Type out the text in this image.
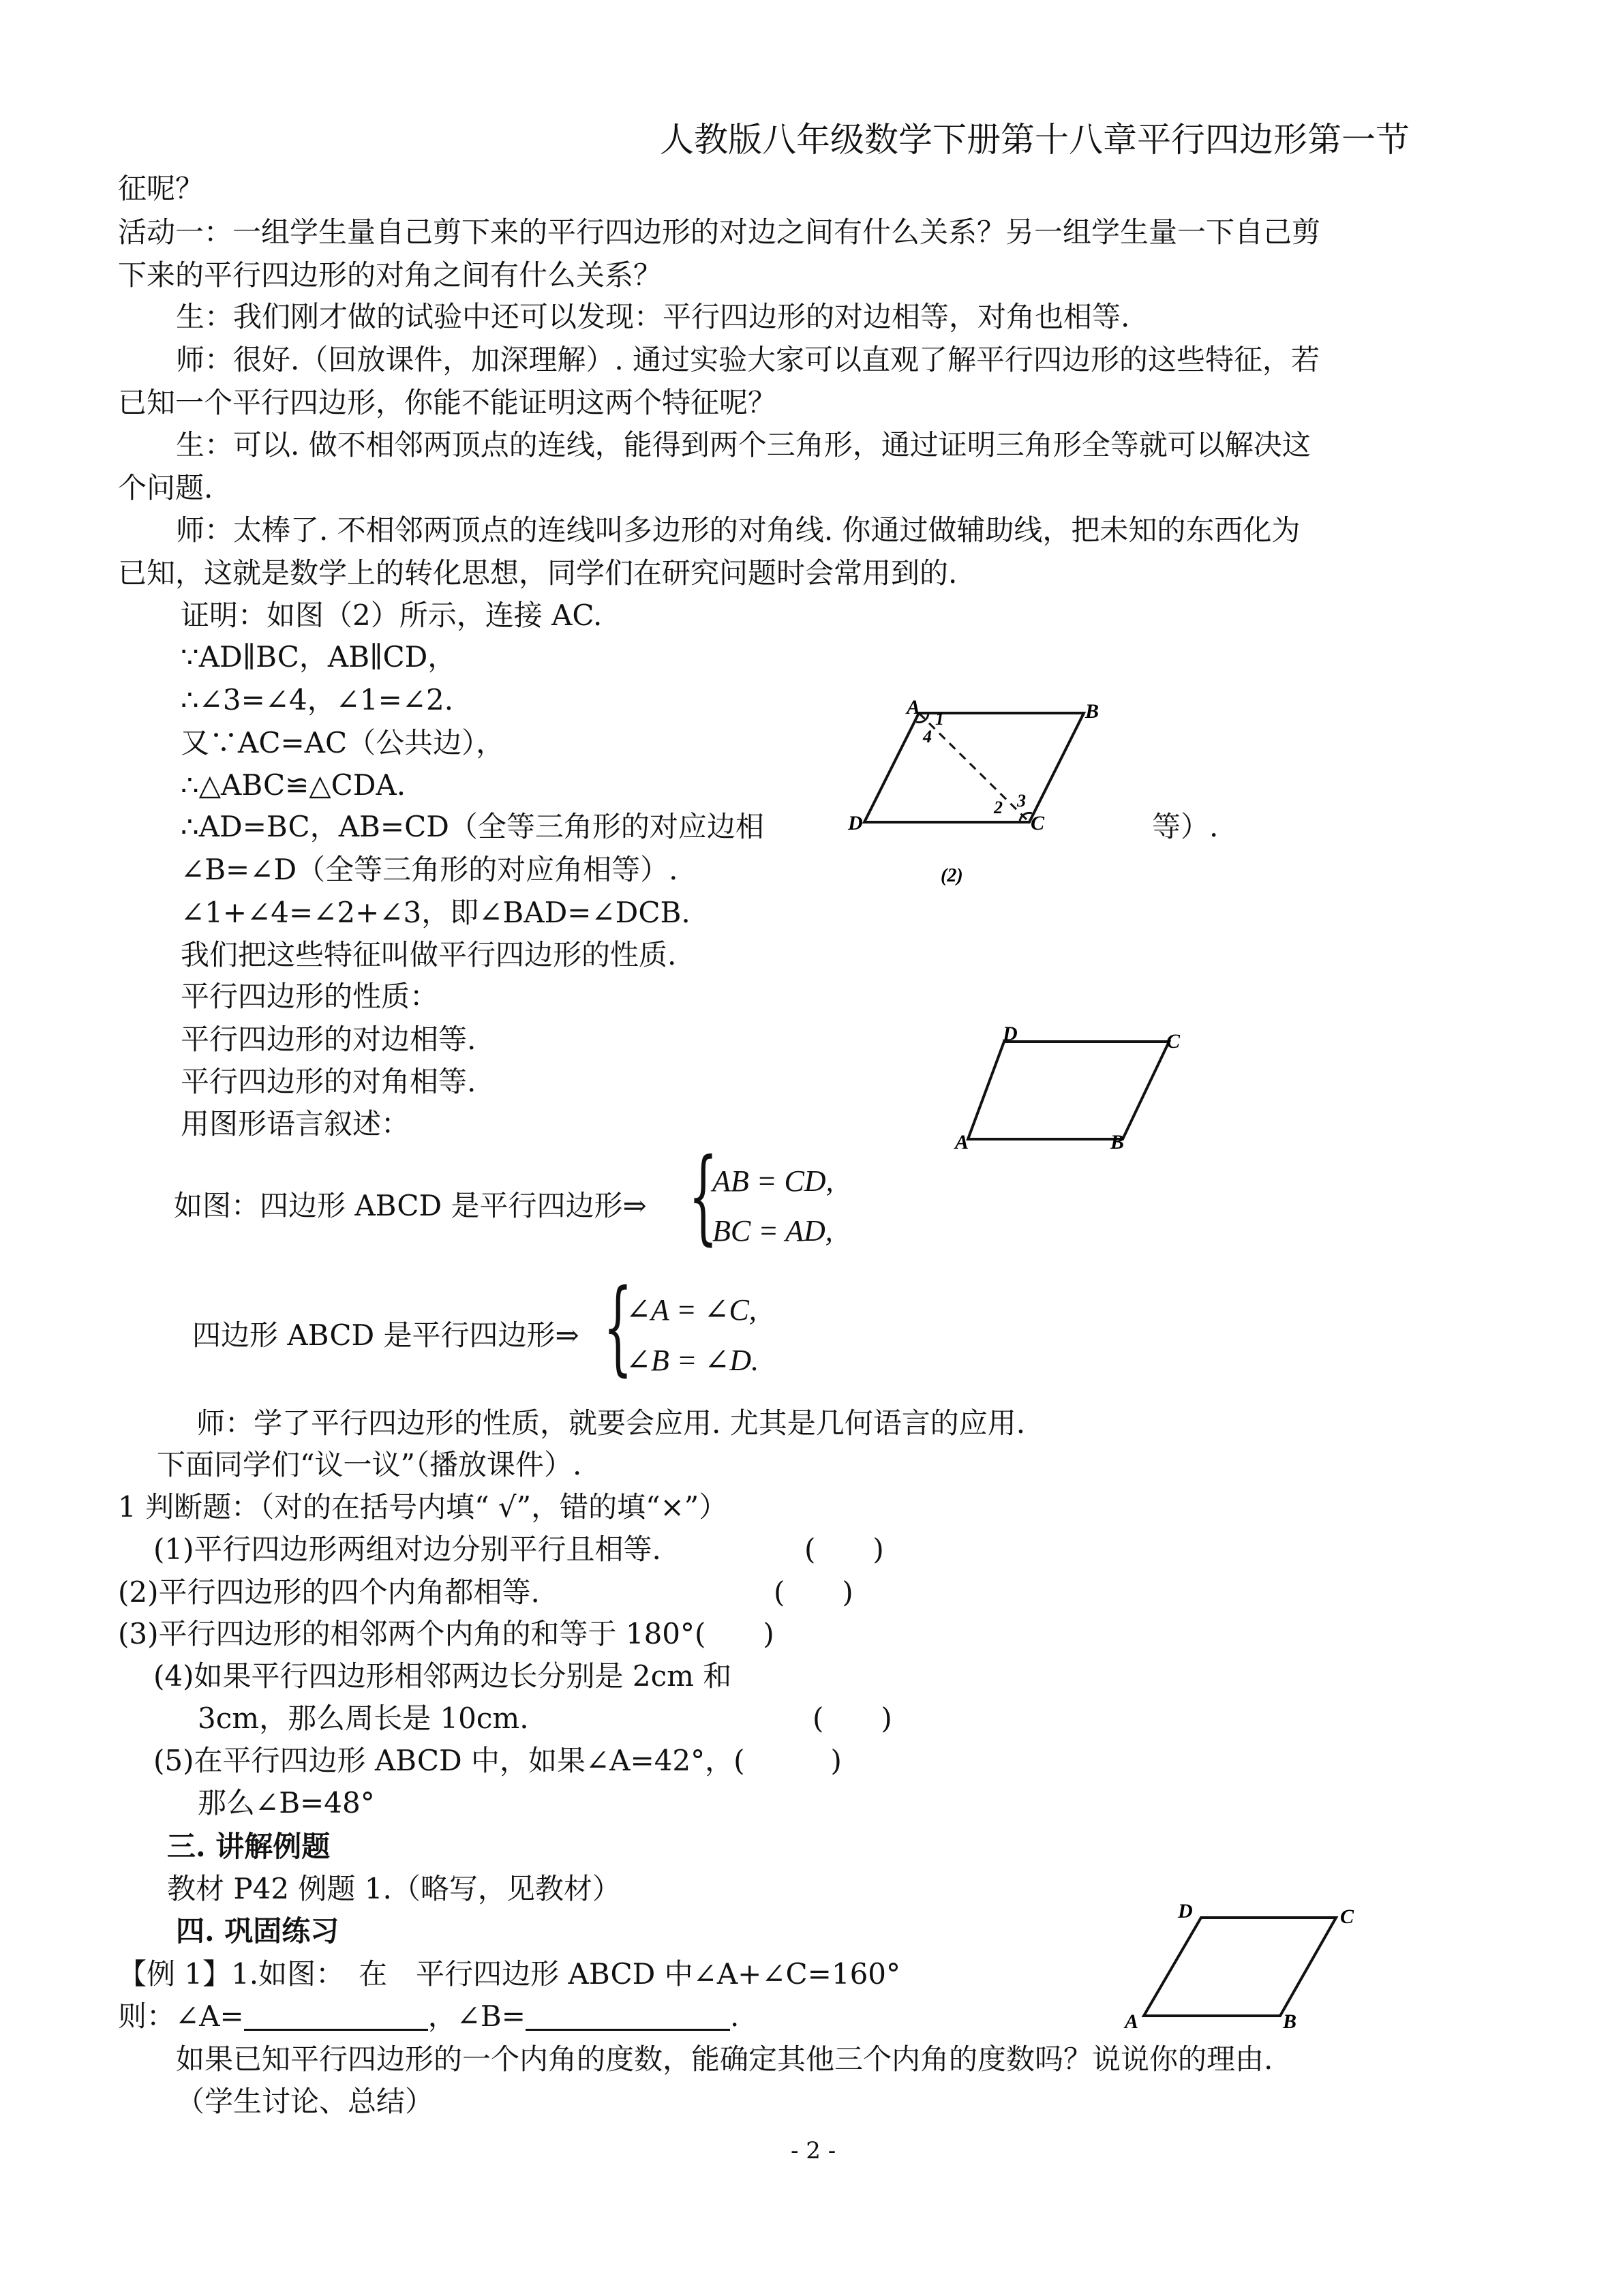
人教版八年级数学下册第十八章平行四边形第一节
征呢？
活动一：一组学生量自己剪下来的平行四边形的对边之间有什么关系？另一组学生量一下自己剪
下来的平行四边形的对角之间有什么关系？
生：我们刚才做的试验中还可以发现：平行四边形的对边相等，对角也相等.
师：很好.（回放课件，加深理解）. 通过实验大家可以直观了解平行四边形的这些特征，若
已知一个平行四边形，你能不能证明这两个特征呢？
生：可以. 做不相邻两顶点的连线，能得到两个三角形，通过证明三角形全等就可以解决这
个问题.
师：太棒了. 不相邻两顶点的连线叫多边形的对角线. 你通过做辅助线，把未知的东西化为
已知，这就是数学上的转化思想，同学们在研究问题时会常用到的.
证明：如图（2）所示，连接 AC.
∵AD∥BC，AB∥CD，
∴∠3=∠4，∠1=∠2.
又∵AC=AC（公共边），
∴△ABC≌△CDA.
∴AD=BC，AB=CD（全等三角形的对应边相	等）.
∠B=∠D（全等三角形的对应角相等）.
∠1+∠4=∠2+∠3，即∠BAD=∠DCB.
我们把这些特征叫做平行四边形的性质.
平行四边形的性质：
平行四边形的对边相等.
平行四边形的对角相等.
用图形语言叙述：
A	B
C
D
1
2 3
4
(2)
D	C
A	B
如图：四边形 ABCD 是平行四边形⇒ {
AB = CD,
BC = AD,
四边形 ABCD 是平行四边形⇒ {
∠A = ∠C,
∠B = ∠D.
师：学了平行四边形的性质，就要会应用. 尤其是几何语言的应用.
下面同学们“议一议”（播放课件）.
1 判断题：（对的在括号内填“ √”，错的填“×”）
(1)平行四边形两组对边分别平行且相等.	(　　)
(2)平行四边形的四个内角都相等.	(　　)
(3)平行四边形的相邻两个内角的和等于 180°(　　)
(4)如果平行四边形相邻两边长分别是 2cm 和
3cm，那么周长是 10cm.	(　　)
(5)在平行四边形 ABCD 中，如果∠A=42°，(　　　)
那么∠B=48°
三. 讲解例题
教材 P42 例题 1.（略写，见教材）
四. 巩固练习
D	C
A	B
【例 1】1.如图：　在　平行四边形 ABCD 中∠A+∠C=160°
则：∠A=	，∠B=	.
如果已知平行四边形的一个内角的度数，能确定其他三个内角的度数吗？说说你的理由.
（学生讨论、总结）
- 2 -
